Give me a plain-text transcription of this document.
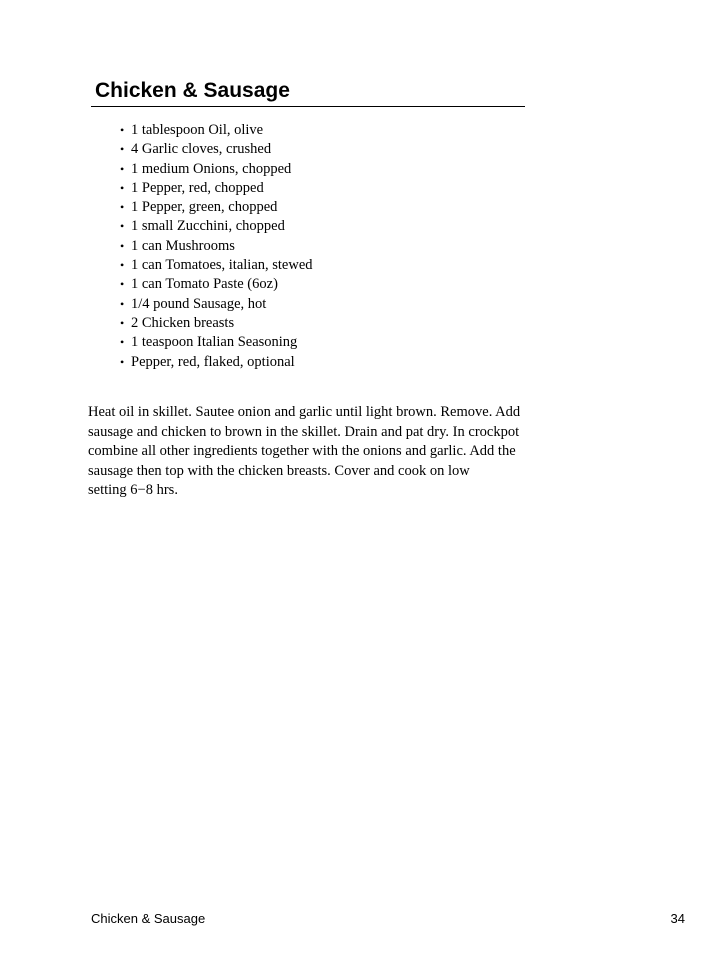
Chicken & Sausage
• 1 tablespoon Oil, olive
• 4 Garlic cloves, crushed
• 1 medium Onions, chopped
• 1 Pepper, red, chopped
• 1 Pepper, green, chopped
• 1 small Zucchini, chopped
• 1 can Mushrooms
• 1 can Tomatoes, italian, stewed
• 1 can Tomato Paste (6oz)
• 1/4 pound Sausage, hot
• 2 Chicken breasts
• 1 teaspoon Italian Seasoning
• Pepper, red, flaked, optional

Heat oil in skillet. Sautee onion and garlic until light brown. Remove. Add
sausage and chicken to brown in the skillet. Drain and pat dry. In crockpot
combine all other ingredients together with the onions and garlic. Add the
sausage then top with the chicken breasts. Cover and cook on low
setting 6−8 hrs.

Chicken & Sausage	34
